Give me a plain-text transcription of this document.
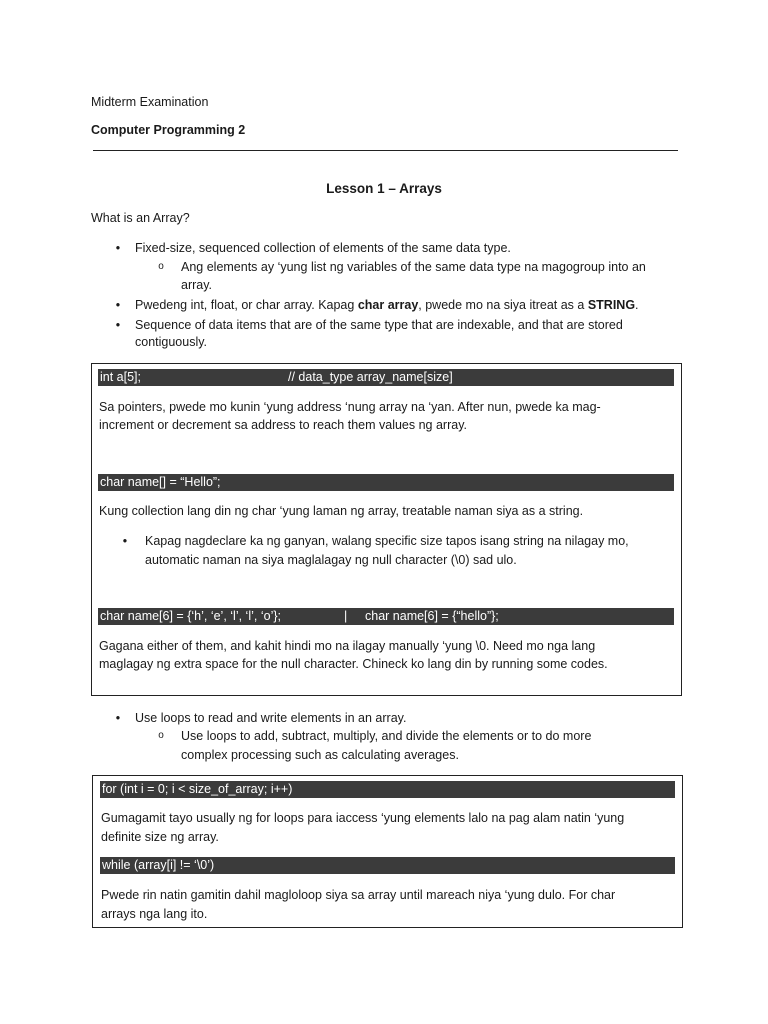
Midterm Examination
Computer Programming 2
Lesson 1 – Arrays
What is an Array?
• Fixed-size, sequenced collection of elements of the same data type.
o Ang elements ay ‘yung list ng variables of the same data type na magogroup into an
array.
• Pwedeng int, float, or char array. Kapag char array, pwede mo na siya itreat as a STRING.
• Sequence of data items that are of the same type that are indexable, and that are stored
contiguously.

int a[5];

	// data_type array_name[size]

Sa pointers, pwede mo kunin ‘yung address ‘nung array na ‘yan. After nun, pwede ka mag-
increment or decrement sa address to reach them values ng array.

char name[] = “Hello”;

Kung collection lang din ng char ‘yung laman ng array, treatable naman siya as a string.
• Kapag nagdeclare ka ng ganyan, walang specific size tapos isang string na nilagay mo,
automatic naman na siya maglalagay ng null character (\0) sad ulo.

char name[6] = {‘h’, ‘e’, ‘l’, ‘l’, ‘o’};

	|

char name[6] = {“hello”};

Gagana either of them, and kahit hindi mo na ilagay manually ‘yung \0. Need mo nga lang
maglagay ng extra space for the null character. Chineck ko lang din by running some codes.
• Use loops to read and write elements in an array.
o Use loops to add, subtract, multiply, and divide the elements or to do more
complex processing such as calculating averages.

for (int i = 0; i < size_of_array; i++)

Gumagamit tayo usually ng for loops para iaccess ‘yung elements lalo na pag alam natin ‘yung
definite size ng array.

while (array[i] != ‘\0’)

Pwede rin natin gamitin dahil magloloop siya sa array until mareach niya ‘yung dulo. For char
arrays nga lang ito.
